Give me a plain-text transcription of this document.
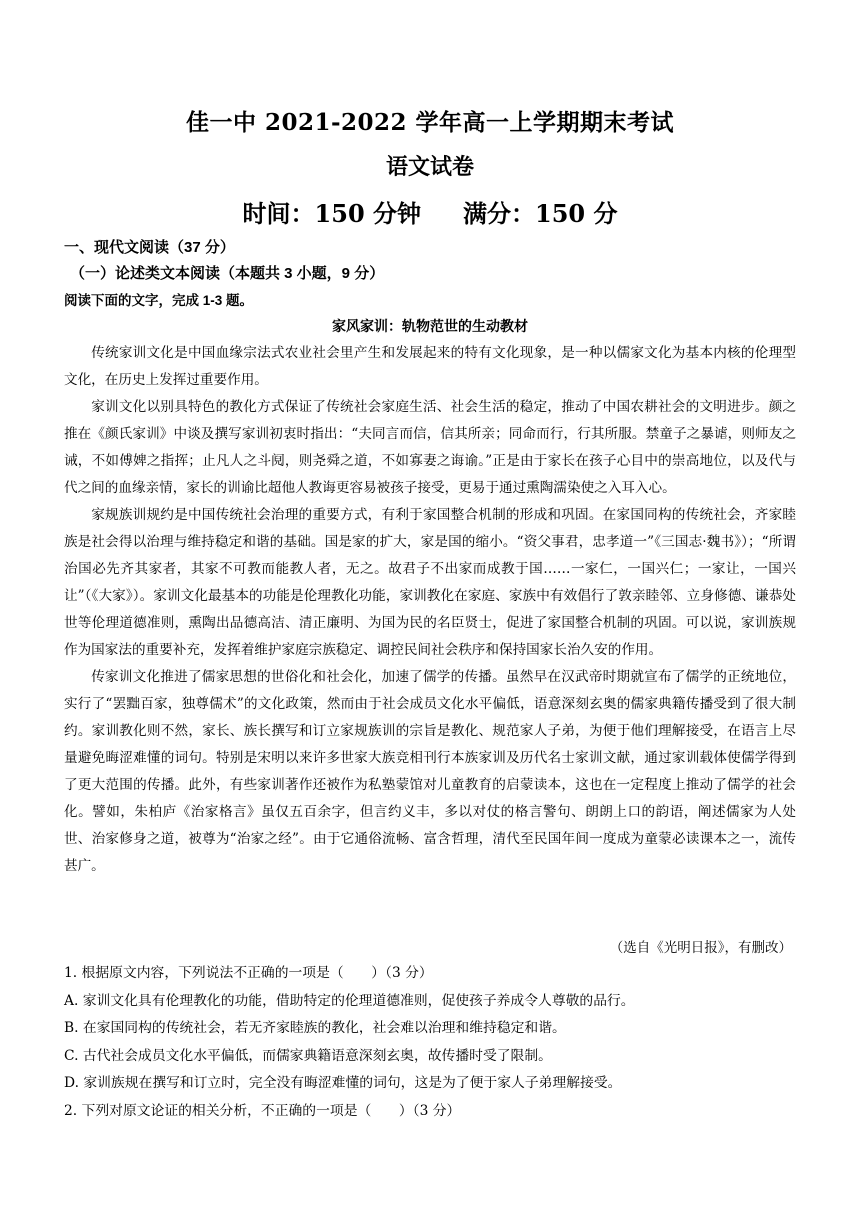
佳一中 2021-2022 学年高一上学期期末考试
语文试卷
时间：150 分钟 满分：150 分
一、现代文阅读（37 分）
（一）论述类文本阅读（本题共 3 小题，9 分）
阅读下面的文字，完成 1-3 题。
家风家训：轨物范世的生动教材

传统家训文化是中国血缘宗法式农业社会里产生和发展起来的特有文化现象，是一种以儒家文化为基本内核的伦理型文化，在历史上发挥过重要作用。

家训文化以别具特色的教化方式保证了传统社会家庭生活、社会生活的稳定，推动了中国农耕社会的文明进步。颜之推在《颜氏家训》中谈及撰写家训初衷时指出：“夫同言而信，信其所亲；同命而行，行其所服。禁童子之暴谑，则师友之诫，不如傅婢之指挥；止凡人之斗阋，则尧舜之道，不如寡妻之诲谕。”正是由于家长在孩子心目中的崇高地位，以及代与代之间的血缘亲情，家长的训谕比超他人教诲更容易被孩子接受，更易于通过熏陶濡染使之入耳入心。

家规族训规约是中国传统社会治理的重要方式，有利于家国整合机制的形成和巩固。在家国同构的传统社会，齐家睦族是社会得以治理与维持稳定和谐的基础。国是家的扩大，家是国的缩小。“资父事君，忠孝道一”《三国志·魏书》）；“所谓治国必先齐其家者，其家不可教而能教人者，无之。故君子不出家而成教于国……一家仁，一国兴仁；一家让，一国兴让”（《大家》）。家训文化最基本的功能是伦理教化功能，家训教化在家庭、家族中有效倡行了敦亲睦邻、立身修德、谦恭处世等伦理道德准则，熏陶出品德高洁、清正廉明、为国为民的名臣贤士，促进了家国整合机制的巩固。可以说，家训族规作为国家法的重要补充，发挥着维护家庭宗族稳定、调控民间社会秩序和保持国家长治久安的作用。

传家训文化推进了儒家思想的世俗化和社会化，加速了儒学的传播。虽然早在汉武帝时期就宣布了儒学的正统地位，实行了“罢黜百家，独尊儒术”的文化政策，然而由于社会成员文化水平偏低，语意深刻玄奥的儒家典籍传播受到了很大制约。家训教化则不然，家长、族长撰写和订立家规族训的宗旨是教化、规范家人子弟，为便于他们理解接受，在语言上尽量避免晦涩难懂的词句。特别是宋明以来许多世家大族竞相刊行本族家训及历代名士家训文献，通过家训载体使儒学得到了更大范围的传播。此外，有些家训著作还被作为私塾蒙馆对儿童教育的启蒙读本，这也在一定程度上推动了儒学的社会化。譬如，朱柏庐《治家格言》虽仅五百余字，但言约义丰，多以对仗的格言警句、朗朗上口的韵语，阐述儒家为人处世、治家修身之道，被尊为“治家之经”。由于它通俗流畅、富含哲理，清代至民国年间一度成为童蒙必读课本之一，流传甚广。

（选自《光明日报》，有删改）
1. 根据原文内容，下列说法不正确的一项是（　　）（3 分）
A. 家训文化具有伦理教化的功能，借助特定的伦理道德准则，促使孩子养成令人尊敬的品行。
B. 在家国同构的传统社会，若无齐家睦族的教化，社会难以治理和维持稳定和谐。
C. 古代社会成员文化水平偏低，而儒家典籍语意深刻玄奥，故传播时受了限制。
D. 家训族规在撰写和订立时，完全没有晦涩难懂的词句，这是为了便于家人子弟理解接受。
2. 下列对原文论证的相关分析，不正确的一项是（　　）（3 分）
